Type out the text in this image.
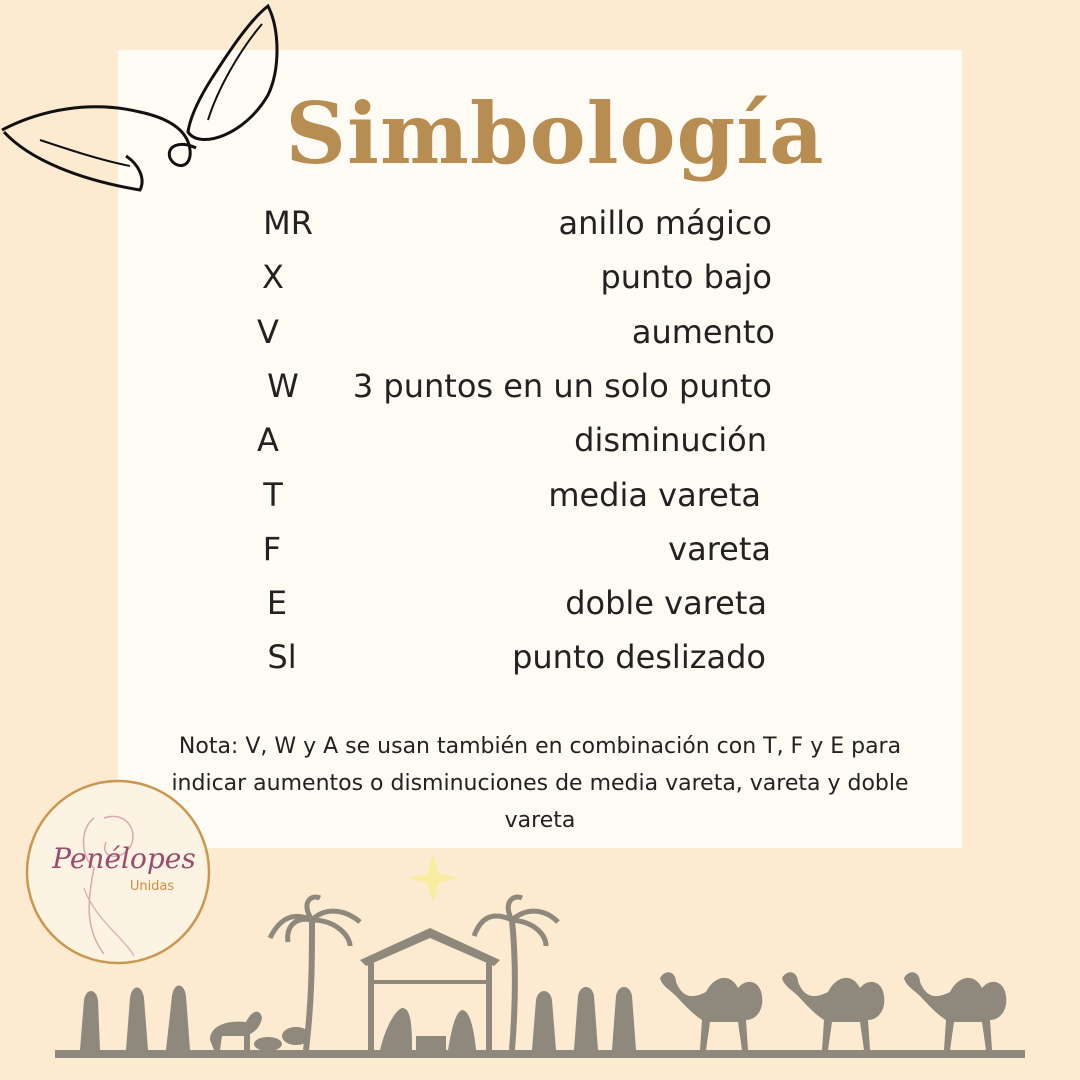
Simbología
MR	anillo mágico
X	punto bajo
V	aumento
W 3 puntos en un solo punto
A	disminución
T	media vareta
F	vareta
E	doble vareta
Sl	punto deslizado
Nota: V, W y A se usan también en combinación con T, F y E para indicar aumentos o disminuciones de media vareta, vareta y doble vareta
Penélopes
Unidas
